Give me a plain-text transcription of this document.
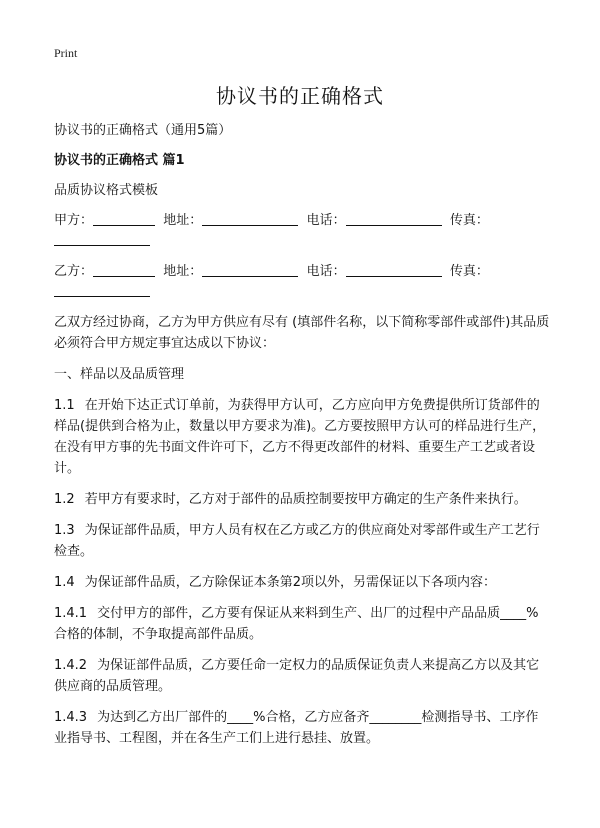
Print
协议书的正确格式

协议书的正确格式（通用5篇）

协议书的正确格式 篇1

品质协议格式模板

甲方：	地址：	电话：	传真：

乙方：	地址：	电话：	传真：

乙双方经过协商，乙方为甲方供应有尽有 (填部件名称，以下简称零部件或部件)其品质必须符合甲方规定事宜达成以下协议：

一、样品以及品质管理

1.1 在开始下达正式订单前，为获得甲方认可，乙方应向甲方免费提供所订货部件的样品(提供到合格为止，数量以甲方要求为准)。乙方要按照甲方认可的样品进行生产，在没有甲方事的先书面文件许可下，乙方不得更改部件的材料、重要生产工艺或者设计。

1.2 若甲方有要求时，乙方对于部件的品质控制要按甲方确定的生产条件来执行。

1.3 为保证部件品质，甲方人员有权在乙方或乙方的供应商处对零部件或生产工艺行检查。

1.4 为保证部件品质，乙方除保证本条第2项以外，另需保证以下各项内容：

1.4.1 交付甲方的部件，乙方要有保证从来料到生产、出厂的过程中产品品质____%合格的体制，不争取提高部件品质。

1.4.2 为保证部件品质，乙方要任命一定权力的品质保证负责人来提高乙方以及其它供应商的品质管理。

1.4.3 为达到乙方出厂部件的____%合格，乙方应备齐________检测指导书、工序作业指导书、工程图，并在各生产工们上进行悬挂、放置。
